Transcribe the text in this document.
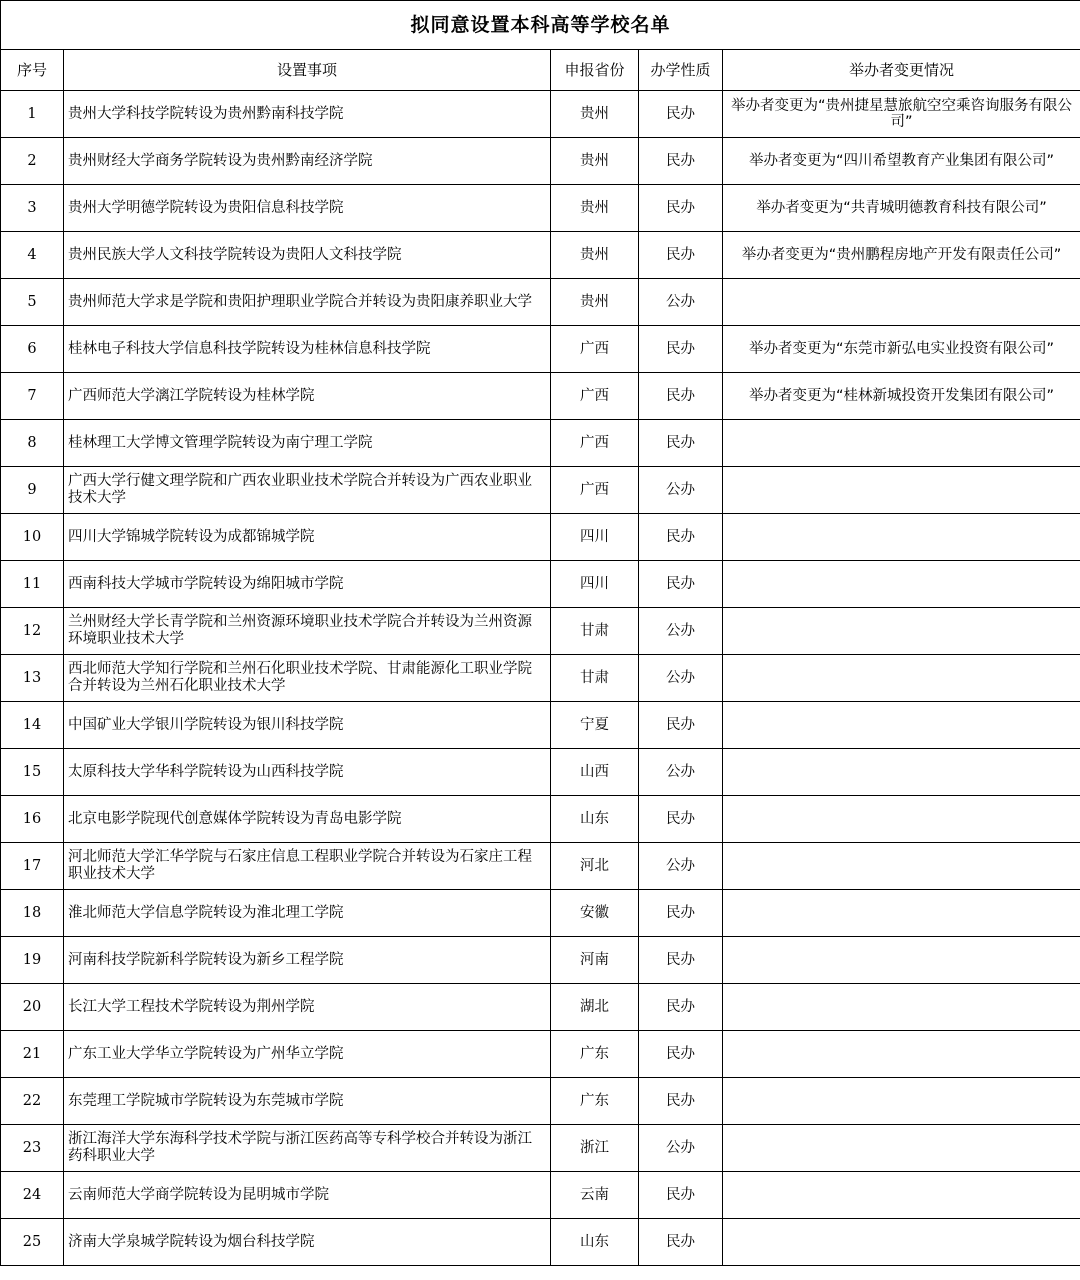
拟同意设置本科高等学校名单				
序号	设置事项	申报省份	办学性质	举办者变更情况
1	贵州大学科技学院转设为贵州黔南科技学院	贵州	民办	举办者变更为“贵州捷星慧旅航空空乘咨询服务有限公司”
2	贵州财经大学商务学院转设为贵州黔南经济学院	贵州	民办	举办者变更为“四川希望教育产业集团有限公司”
3	贵州大学明德学院转设为贵阳信息科技学院	贵州	民办	举办者变更为“共青城明德教育科技有限公司”
4	贵州民族大学人文科技学院转设为贵阳人文科技学院	贵州	民办	举办者变更为“贵州鹏程房地产开发有限责任公司”
5	贵州师范大学求是学院和贵阳护理职业学院合并转设为贵阳康养职业大学	贵州	公办	
6	桂林电子科技大学信息科技学院转设为桂林信息科技学院	广西	民办	举办者变更为“东莞市新弘电实业投资有限公司”
7	广西师范大学漓江学院转设为桂林学院	广西	民办	举办者变更为“桂林新城投资开发集团有限公司”
8	桂林理工大学博文管理学院转设为南宁理工学院	广西	民办	
9	广西大学行健文理学院和广西农业职业技术学院合并转设为广西农业职业技术大学	广西	公办	
10	四川大学锦城学院转设为成都锦城学院	四川	民办	
11	西南科技大学城市学院转设为绵阳城市学院	四川	民办	
12	兰州财经大学长青学院和兰州资源环境职业技术学院合并转设为兰州资源环境职业技术大学	甘肃	公办	
13	西北师范大学知行学院和兰州石化职业技术学院、甘肃能源化工职业学院合并转设为兰州石化职业技术大学	甘肃	公办	
14	中国矿业大学银川学院转设为银川科技学院	宁夏	民办	
15	太原科技大学华科学院转设为山西科技学院	山西	公办	
16	北京电影学院现代创意媒体学院转设为青岛电影学院	山东	民办	
17	河北师范大学汇华学院与石家庄信息工程职业学院合并转设为石家庄工程职业技术大学	河北	公办	
18	淮北师范大学信息学院转设为淮北理工学院	安徽	民办	
19	河南科技学院新科学院转设为新乡工程学院	河南	民办	
20	长江大学工程技术学院转设为荆州学院	湖北	民办	
21	广东工业大学华立学院转设为广州华立学院	广东	民办	
22	东莞理工学院城市学院转设为东莞城市学院	广东	民办	
23	浙江海洋大学东海科学技术学院与浙江医药高等专科学校合并转设为浙江药科职业大学	浙江	公办	
24	云南师范大学商学院转设为昆明城市学院	云南	民办	
25	济南大学泉城学院转设为烟台科技学院	山东	民办	
